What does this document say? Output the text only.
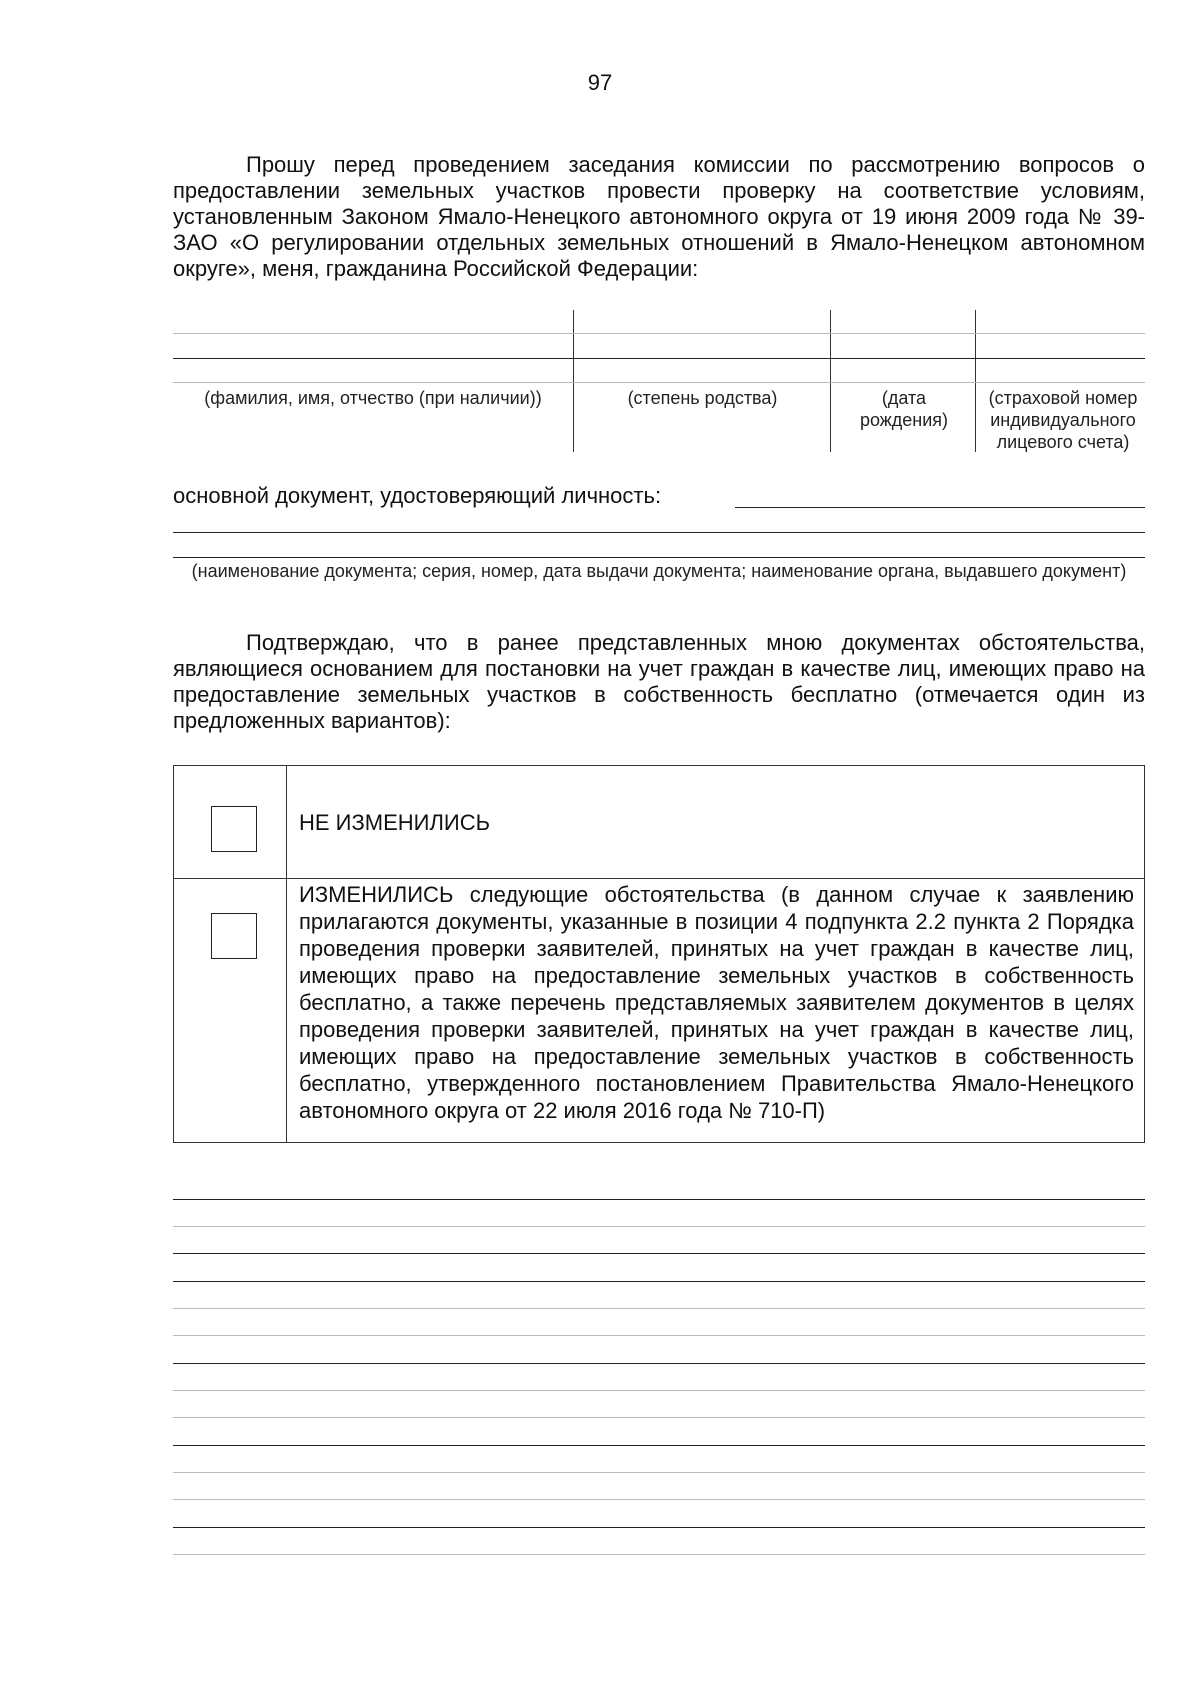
97
Прошу перед проведением заседания комиссии по рассмотрению вопросов о предоставлении земельных участков провести проверку на соответствие условиям, установленным Законом Ямало-Ненецкого автономного округа от 19 июня 2009 года № 39-ЗАО «О регулировании отдельных земельных отношений в Ямало-Ненецком автономном округе», меня, гражданина Российской Федерации:
(фамилия, имя, отчество (при наличии))	(степень родства)	(дата рождения)
(страховой номер индивидуального лицевого счета)
основной документ, удостоверяющий личность:
(наименование документа; серия, номер, дата выдачи документа; наименование органа, выдавшего документ)
Подтверждаю, что в ранее представленных мною документах обстоятельства, являющиеся основанием для постановки на учет граждан в качестве лиц, имеющих право на предоставление земельных участков в собственность бесплатно (отмечается один из предложенных вариантов):
НЕ ИЗМЕНИЛИСЬ
ИЗМЕНИЛИСЬ следующие обстоятельства (в данном случае к заявлению прилагаются документы, указанные в позиции 4 подпункта 2.2 пункта 2 Порядка проведения проверки заявителей, принятых на учет граждан в качестве лиц, имеющих право на предоставление земельных участков в собственность бесплатно, а также перечень представляемых заявителем документов в целях проведения проверки заявителей, принятых на учет граждан в качестве лиц, имеющих право на предоставление земельных участков в собственность бесплатно, утвержденного постановлением Правительства Ямало-Ненецкого автономного округа от 22 июля 2016 года № 710-П)
